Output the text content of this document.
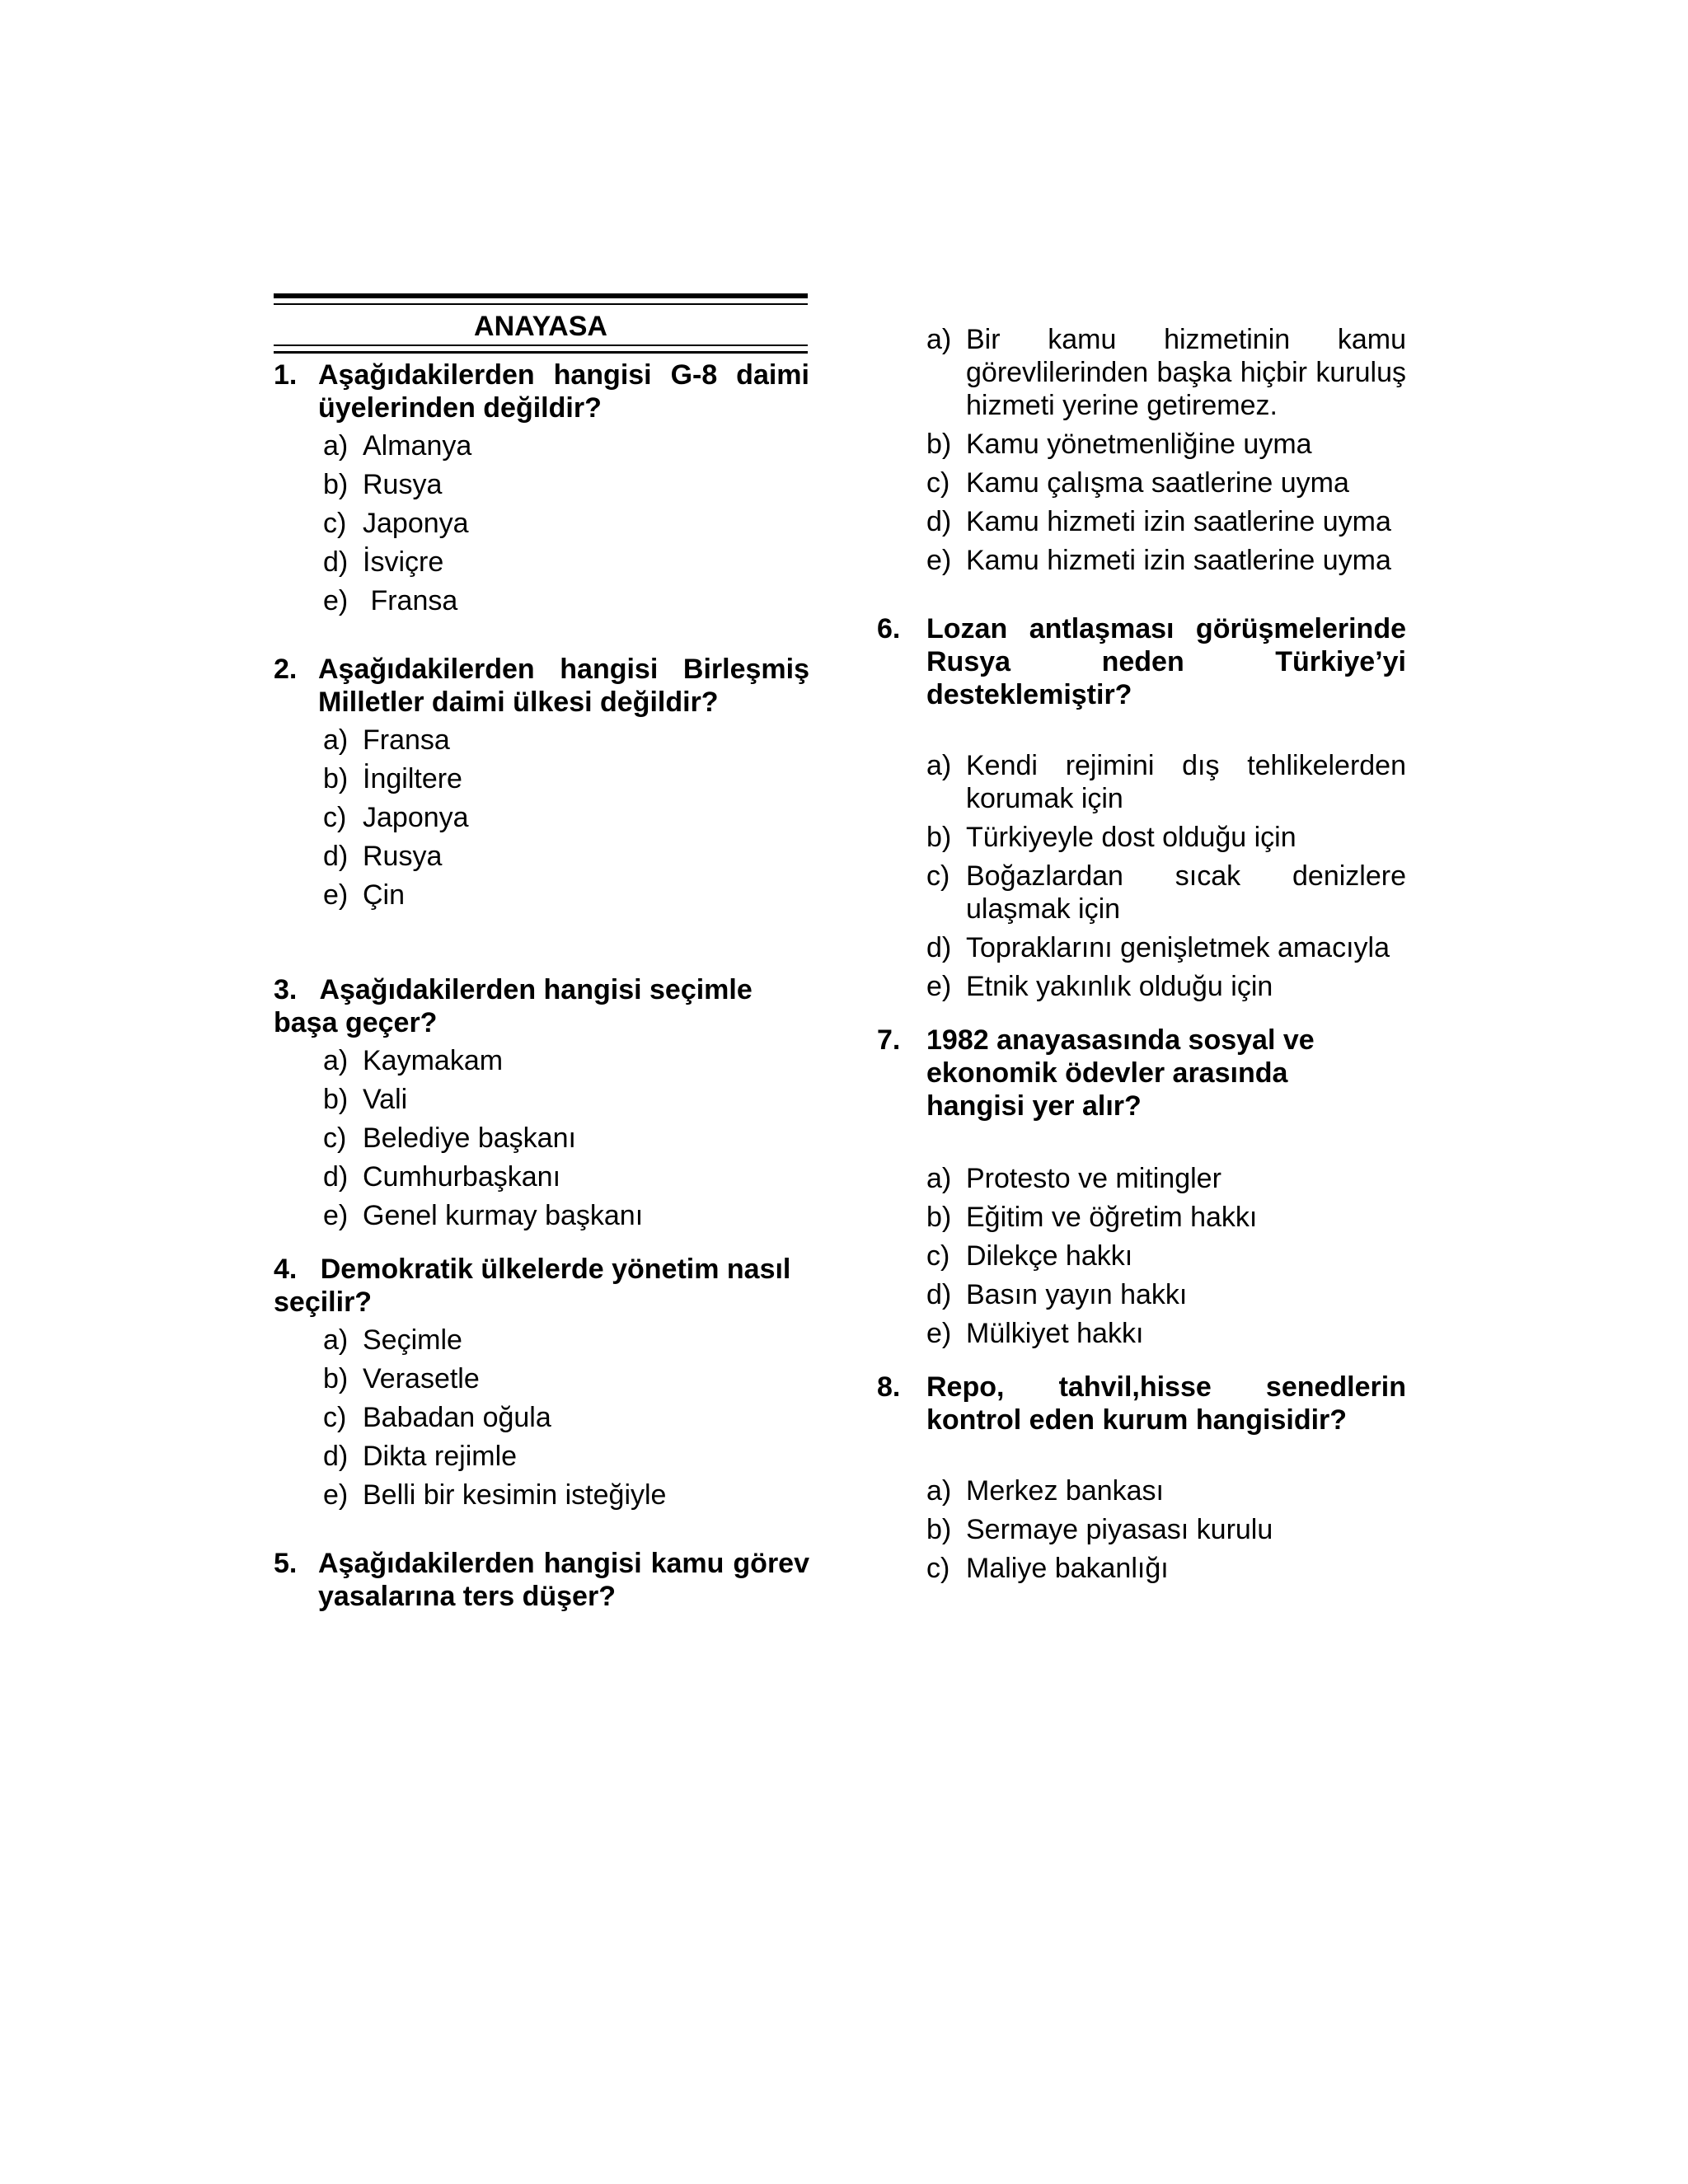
ANAYASA
1. Aşağıdakilerden hangisi G-8 daimi üyelerinden değildir?
a) Almanya
b) Rusya
c) Japonya
d) İsviçre
e) Fransa
2. Aşağıdakilerden hangisi Birleşmiş Milletler daimi ülkesi değildir?
a) Fransa
b) İngiltere
c) Japonya
d) Rusya
e) Çin
3. Aşağıdakilerden hangisi seçimle başa geçer?
a) Kaymakam
b) Vali
c) Belediye başkanı
d) Cumhurbaşkanı
e) Genel kurmay başkanı
4. Demokratik ülkelerde yönetim nasıl seçilir?
a) Seçimle
b) Verasetle
c) Babadan oğula
d) Dikta rejimle
e) Belli bir kesimin isteğiyle
5. Aşağıdakilerden hangisi kamu görev yasalarına ters düşer?
a) Bir kamu hizmetinin kamu görevlilerinden başka hiçbir kuruluş hizmeti yerine getiremez.
b) Kamu yönetmenliğine uyma
c) Kamu çalışma saatlerine uyma
d) Kamu hizmeti izin saatlerine uyma
e) Kamu hizmeti izin saatlerine uyma
6. Lozan antlaşması görüşmelerinde Rusya neden Türkiye’yi desteklemiştir?
a) Kendi rejimini dış tehlikelerden korumak için
b) Türkiyeyle dost olduğu için
c) Boğazlardan sıcak denizlere ulaşmak için
d) Topraklarını genişletmek amacıyla
e) Etnik yakınlık olduğu için
7. 1982 anayasasında sosyal ve ekonomik ödevler arasında hangisi yer alır?
a) Protesto ve mitingler
b) Eğitim ve öğretim hakkı
c) Dilekçe hakkı
d) Basın yayın hakkı
e) Mülkiyet hakkı
8. Repo, tahvil,hisse senedlerin kontrol eden kurum hangisidir?
a) Merkez bankası
b) Sermaye piyasası kurulu
c) Maliye bakanlığı
